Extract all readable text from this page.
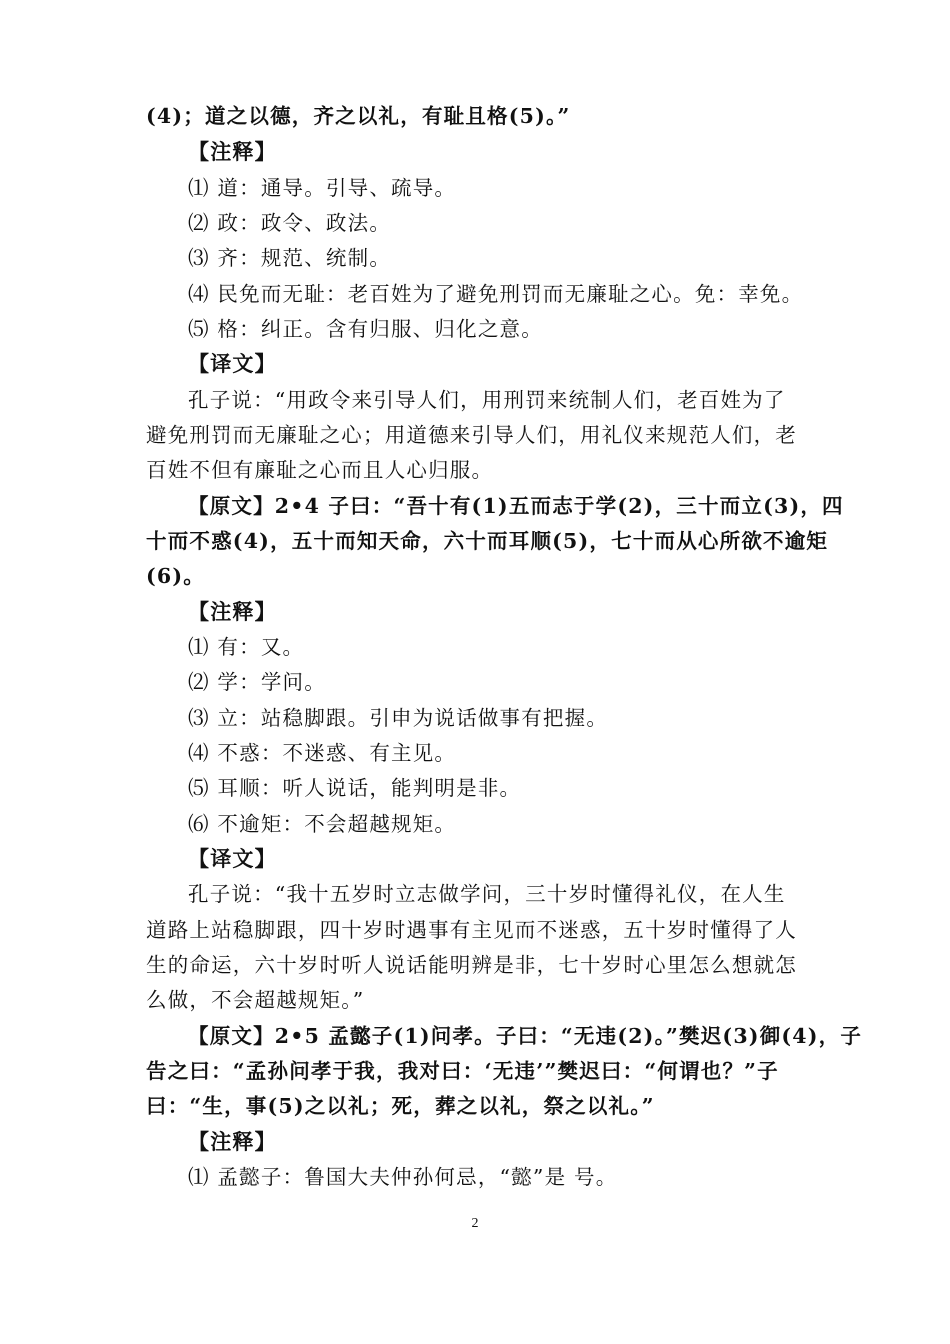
(4)；道之以德，齐之以礼，有耻且格(5)。”
【注释】
⑴ 道：通导。引导、疏导。
⑵ 政：政令、政法。
⑶ 齐：规范、统制。
⑷ 民免而无耻：老百姓为了避免刑罚而无廉耻之心。免：幸免。
⑸ 格：纠正。含有归服、归化之意。
【译文】
孔子说：“用政令来引导人们，用刑罚来统制人们，老百姓为了
避免刑罚而无廉耻之心；用道德来引导人们，用礼仪来规范人们，老
百姓不但有廉耻之心而且人心归服。
【原文】2•4 子曰：“吾十有(1)五而志于学(2)，三十而立(3)，四
十而不惑(4)，五十而知天命，六十而耳顺(5)，七十而从心所欲不逾矩
(6)。
【注释】
⑴ 有：又。
⑵ 学：学问。
⑶ 立：站稳脚跟。引申为说话做事有把握。
⑷ 不惑：不迷惑、有主见。
⑸ 耳顺：听人说话，能判明是非。
⑹ 不逾矩：不会超越规矩。
【译文】
孔子说：“我十五岁时立志做学问，三十岁时懂得礼仪，在人生
道路上站稳脚跟，四十岁时遇事有主见而不迷惑，五十岁时懂得了人
生的命运，六十岁时听人说话能明辨是非，七十岁时心里怎么想就怎
么做，不会超越规矩。”
【原文】2•5 孟懿子(1)问孝。子曰：“无违(2)。”樊迟(3)御(4)，子
告之曰：“孟孙问孝于我，我对曰：‘无违’”樊迟曰：“何谓也？”子
曰：“生，事(5)之以礼；死，葬之以礼，祭之以礼。”
【注释】
⑴ 孟懿子：鲁国大夫仲孙何忌，“懿”是 号。
2
